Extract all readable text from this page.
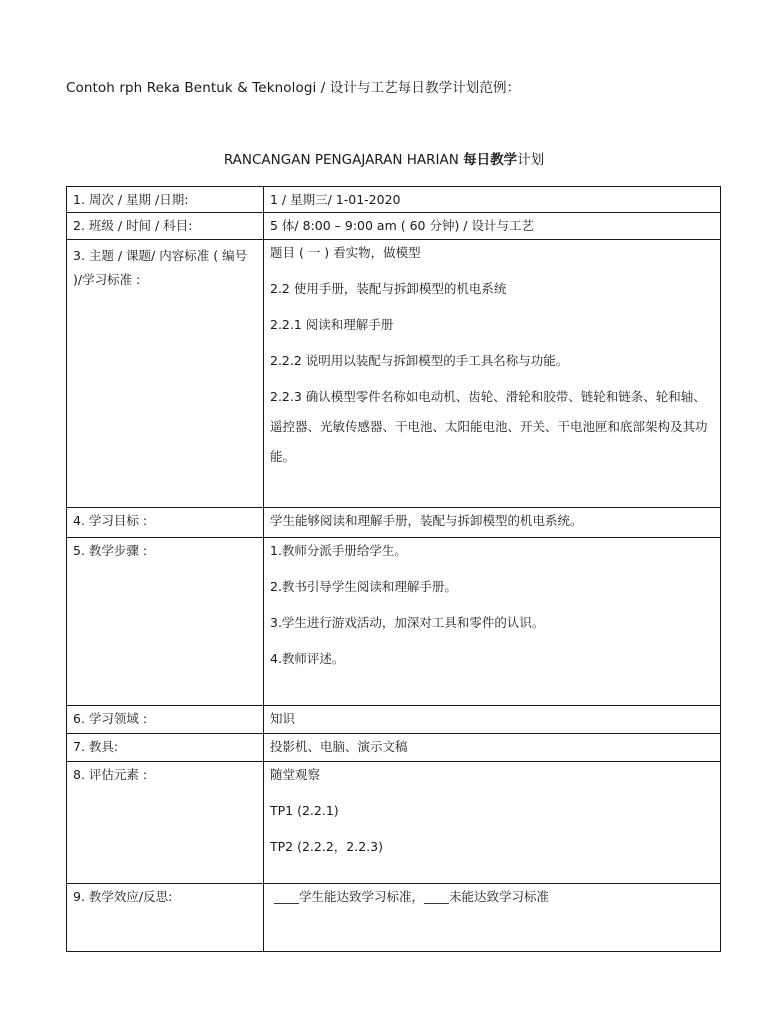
Contoh rph Reka Bentuk & Teknologi / 设计与工艺每日教学计划范例：
RANCANGAN PENGAJARAN HARIAN 每日教学计划
1. 周次 / 星期 /日期:	1 / 星期三/ 1-01-2020
2. 班级 / 时间 / 科目:	5 体/ 8:00 – 9:00 am ( 60 分钟) / 设计与工艺
3. 主题 / 课题/ 内容标准 ( 编号 )/学习标准 :	题目 ( 一 ) 看实物，做模型
2.2 使用手册，装配与拆卸模型的机电系统
2.2.1 阅读和理解手册
2.2.2 说明用以装配与拆卸模型的手工具名称与功能。
2.2.3 确认模型零件名称如电动机、齿轮、滑轮和胶带、链轮和链条、轮和轴、遥控器、光敏传感器、干电池、太阳能电池、开关、干电池匣和底部架构及其功能。

4. 学习目标 :	学生能够阅读和理解手册，装配与拆卸模型的机电系统。
5. 教学步骤 :	1.教师分派手册给学生。
2.教书引导学生阅读和理解手册。
3.学生进行游戏活动，加深对工具和零件的认识。
4.教师评述。

6. 学习领域 :	知识
7. 教具:	投影机、电脑、演示文稿
8. 评估元素 :	随堂观察
TP1 (2.2.1)
TP2 (2.2.2，2.2.3)

9. 教学效应/反思:	____学生能达致学习标准，____未能达致学习标准
